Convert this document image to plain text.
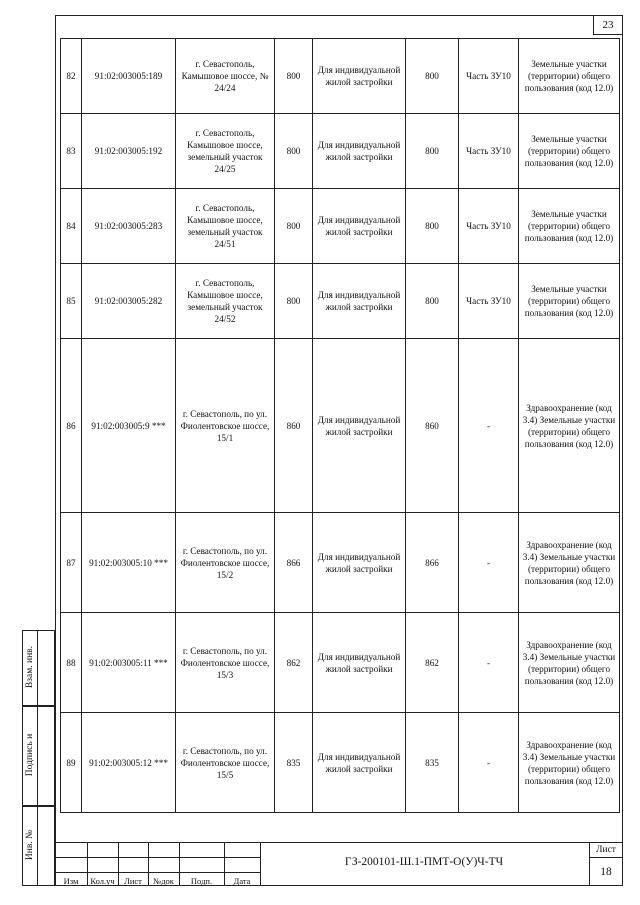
23
82	91:02:003005:189	г. Севастополь, Камышовое шоссе, № 24/24	800	Для индивидуальной жилой застройки	800	Часть ЗУ10	Земельные участки (территории) общего пользования (код 12.0)
83	91:02:003005:192	г. Севастополь, Камышовое шоссе, земельный участок 24/25	800	Для индивидуальной жилой застройки	800	Часть ЗУ10	Земельные участки (территории) общего пользования (код 12.0)
84	91:02:003005:283	г. Севастополь, Камышовое шоссе, земельный участок 24/51	800	Для индивидуальной жилой застройки	800	Часть ЗУ10	Земельные участки (территории) общего пользования (код 12.0)
85	91:02:003005:282	г. Севастополь, Камышовое шоссе, земельный участок 24/52	800	Для индивидуальной жилой застройки	800	Часть ЗУ10	Земельные участки (территории) общего пользования (код 12.0)
86	91:02:003005:9 ***	г. Севастополь, по ул. Фиолентовское шоссе, 15/1	860	Для индивидуальной жилой застройки	860	-	Здравоохранение (код 3.4) Земельные участки (территории) общего пользования (код 12.0)
87	91:02:003005:10 ***	г. Севастополь, по ул. Фиолентовское шоссе, 15/2	866	Для индивидуальной жилой застройки	866	-	Здравоохранение (код 3.4) Земельные участки (территории) общего пользования (код 12.0)
88	91:02:003005:11 ***	г. Севастополь, по ул. Фиолентовское шоссе, 15/3	862	Для индивидуальной жилой застройки	862	-	Здравоохранение (код 3.4) Земельные участки (территории) общего пользования (код 12.0)
89	91:02:003005:12 ***	г. Севастополь, по ул. Фиолентовское шоссе, 15/5	835	Для индивидуальной жилой застройки	835	-	Здравоохранение (код 3.4) Земельные участки (территории) общего пользования (код 12.0)
Взам. инв.
Подпись и
Инв. №
Изм	Кол.уч	Лист	№док	Подп.	Дата
ГЗ-200101-Ш.1-ПМТ-О(У)Ч-ТЧ
Лист
18
